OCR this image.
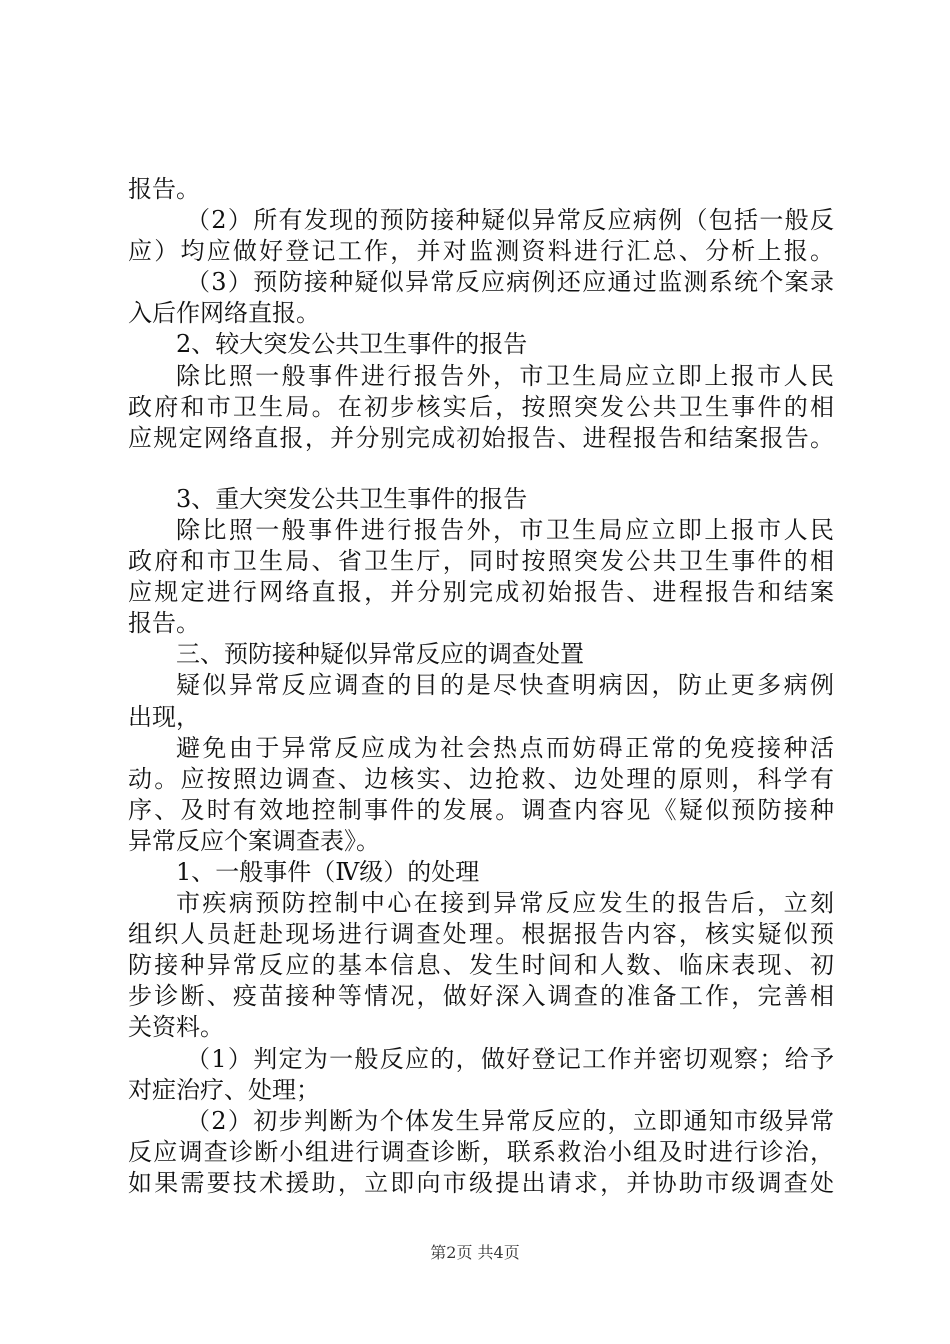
报告。
（2）所有发现的预防接种疑似异常反应病例（包括一般反
应）均应做好登记工作，并对监测资料进行汇总、分析上报。
（3）预防接种疑似异常反应病例还应通过监测系统个案录
入后作网络直报。
2、较大突发公共卫生事件的报告
除比照一般事件进行报告外，市卫生局应立即上报市人民
政府和市卫生局。在初步核实后，按照突发公共卫生事件的相
应规定网络直报，并分别完成初始报告、进程报告和结案报告。
3、重大突发公共卫生事件的报告
除比照一般事件进行报告外，市卫生局应立即上报市人民
政府和市卫生局、省卫生厅，同时按照突发公共卫生事件的相
应规定进行网络直报，并分别完成初始报告、进程报告和结案
报告。
三、预防接种疑似异常反应的调查处置
疑似异常反应调查的目的是尽快查明病因，防止更多病例
出现，
避免由于异常反应成为社会热点而妨碍正常的免疫接种活
动。应按照边调查、边核实、边抢救、边处理的原则，科学有
序、及时有效地控制事件的发展。调查内容见《疑似预防接种
异常反应个案调查表》。
1、一般事件（Ⅳ级）的处理
市疾病预防控制中心在接到异常反应发生的报告后，立刻
组织人员赶赴现场进行调查处理。根据报告内容，核实疑似预
防接种异常反应的基本信息、发生时间和人数、临床表现、初
步诊断、疫苗接种等情况，做好深入调查的准备工作，完善相
关资料。
（1）判定为一般反应的，做好登记工作并密切观察；给予
对症治疗、处理；
（2）初步判断为个体发生异常反应的，立即通知市级异常
反应调查诊断小组进行调查诊断，联系救治小组及时进行诊治，
如果需要技术援助，立即向市级提出请求，并协助市级调查处
第2页 共4页
